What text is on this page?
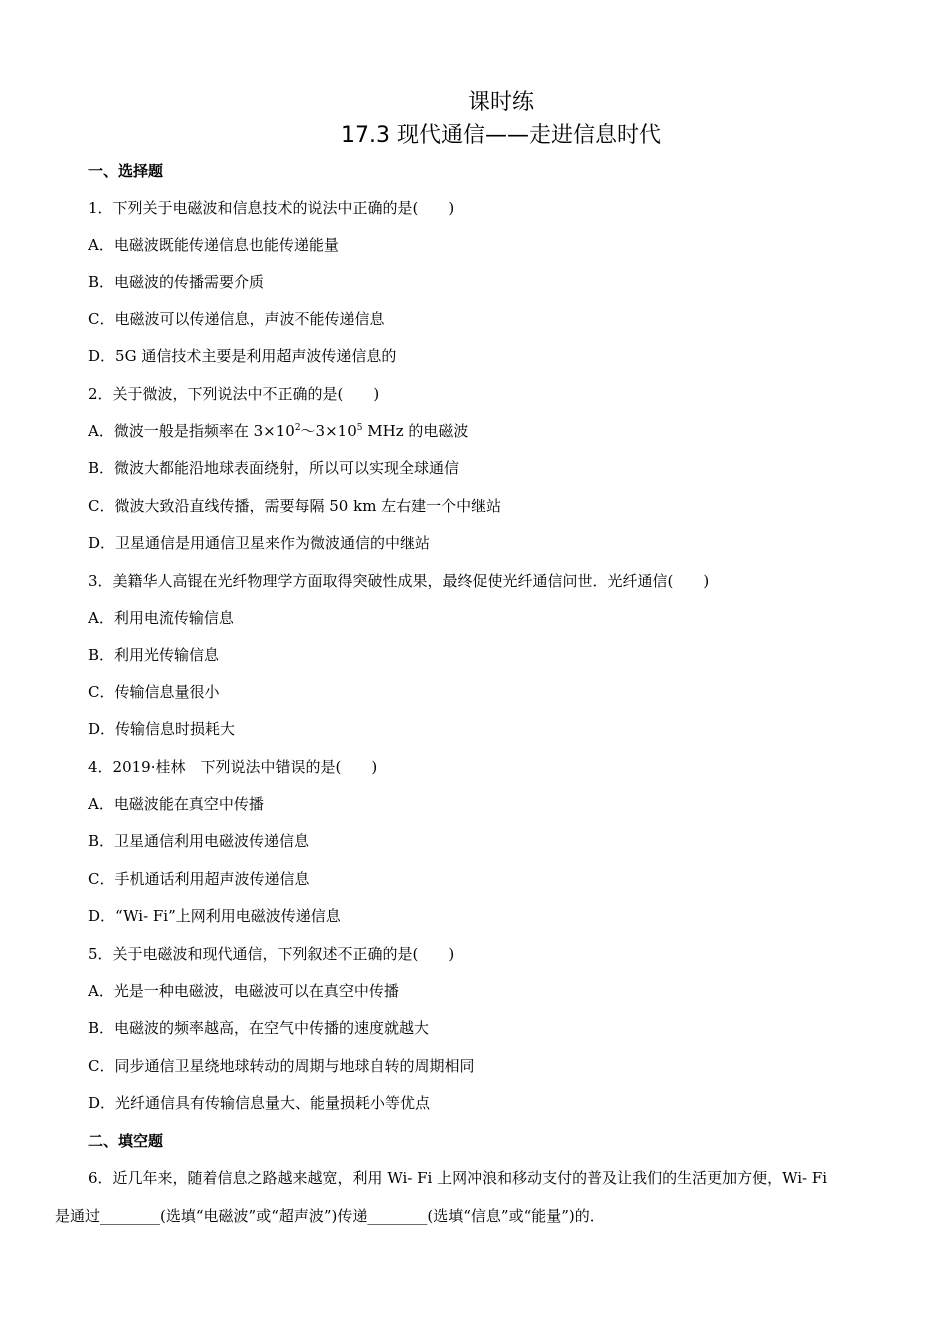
课时练
17.3 现代通信——走进信息时代
一、选择题
1．下列关于电磁波和信息技术的说法中正确的是(　　)
A．电磁波既能传递信息也能传递能量
B．电磁波的传播需要介质
C．电磁波可以传递信息，声波不能传递信息
D．5G 通信技术主要是利用超声波传递信息的
2．关于微波，下列说法中不正确的是(　　)
A．微波一般是指频率在 $3\times 10^2\sim 3\times 10^5$ MHz 的电磁波
B．微波大都能沿地球表面绕射，所以可以实现全球通信
C．微波大致沿直线传播，需要每隔 50 km 左右建一个中继站
D．卫星通信是用通信卫星来作为微波通信的中继站
3．美籍华人高锟在光纤物理学方面取得突破性成果，最终促使光纤通信问世．光纤通信(　　)
A．利用电流传输信息
B．利用光传输信息
C．传输信息量很小
D．传输信息时损耗大
4．2019·桂林　下列说法中错误的是(　　)
A．电磁波能在真空中传播
B．卫星通信利用电磁波传递信息
C．手机通话利用超声波传递信息
D．“Wi- Fi”上网利用电磁波传递信息
5．关于电磁波和现代通信，下列叙述不正确的是(　　)
A．光是一种电磁波，电磁波可以在真空中传播
B．电磁波的频率越高，在空气中传播的速度就越大
C．同步通信卫星绕地球转动的周期与地球自转的周期相同
D．光纤通信具有传输信息量大、能量损耗小等优点
二、填空题
6．近几年来，随着信息之路越来越宽，利用 Wi- Fi 上网冲浪和移动支付的普及让我们的生活更加方便，Wi- Fi
是通过________(选填“电磁波”或“超声波”)传递________(选填“信息”或“能量”)的．
